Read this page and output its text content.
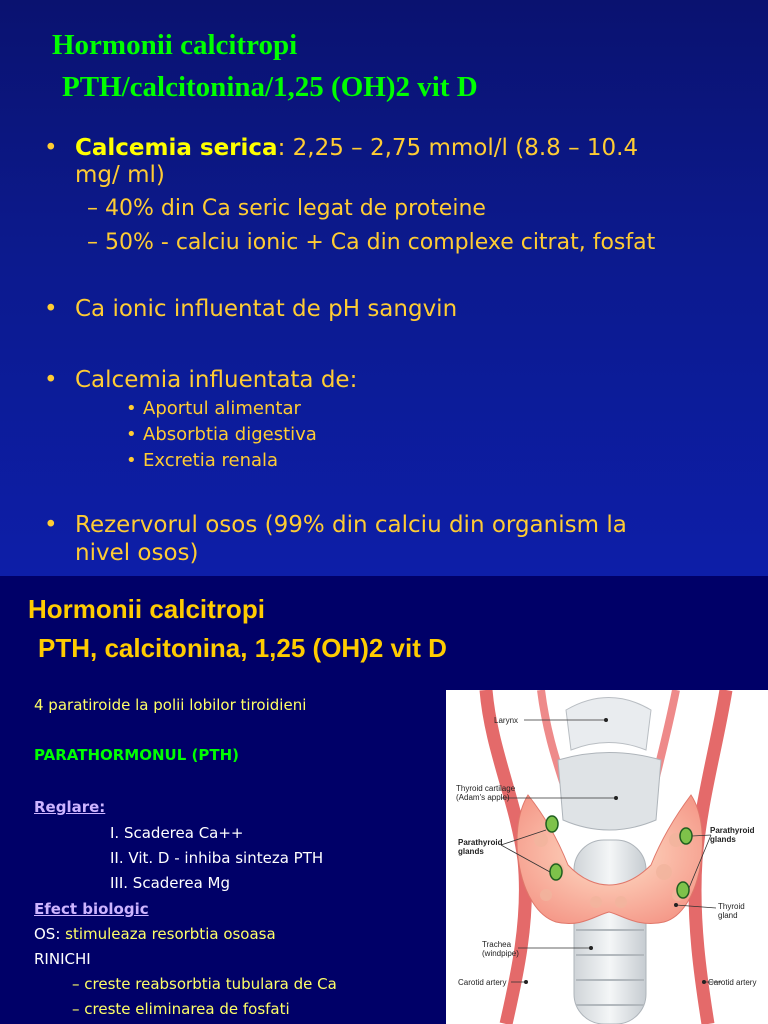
Hormonii calcitropi
PTH/calcitonina/1,25 (OH)2 vit D
• Calcemia serica: 2,25 – 2,75 mmol/l (8.8 – 10.4
mg/ ml)
– 40% din Ca seric legat de proteine
– 50% - calciu ionic + Ca din complexe citrat, fosfat
• Ca ionic influentat de pH sangvin
• Calcemia influentata de:
• Aportul alimentar
• Absorbtia digestiva
• Excretia renala
• Rezervorul osos (99% din calciu din organism la
nivel osos)
Hormonii calcitropi
PTH, calcitonina, 1,25 (OH)2 vit D
4 paratiroide la polii lobilor tiroidieni
PARATHORMONUL (PTH)
Reglare:
I. Scaderea Ca++
II. Vit. D - inhiba sinteza PTH
III. Scaderea Mg
Efect biologic
OS: stimuleaza resorbtia osoasa
RINICHI
– creste reabsorbtia tubulara de Ca
– creste eliminarea de fosfati
Larynx
Thyroid cartilage
(Adam's apple)
Parathyroid
glands
Parathyroid
glands
Thyroid
gland
Trachea
(windpipe)
Carotid artery	Carotid artery
